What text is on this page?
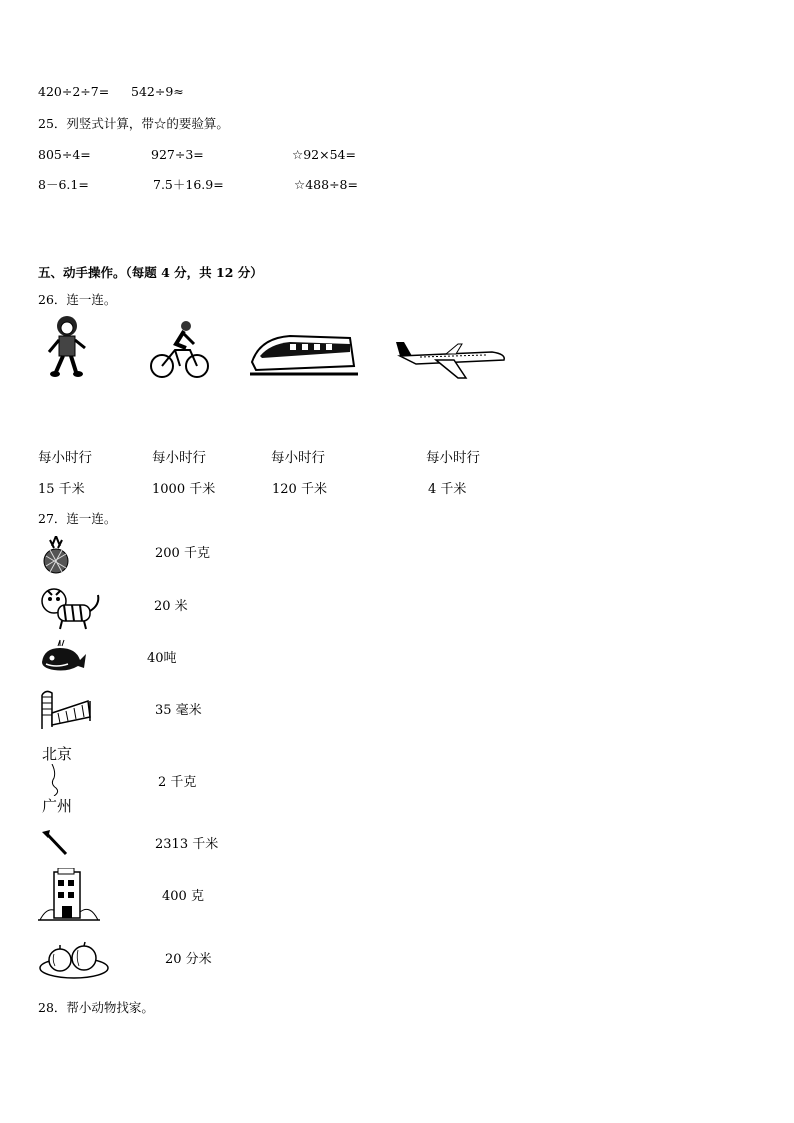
420÷2÷7= 542÷9≈
25．列竖式计算，带☆的要验算。
805÷4=	927÷3=	☆92×54=
8－6.1=	7.5＋16.9=	☆488÷8=
五、动手操作。（每题 4 分，共 12 分）
26．连一连。
每小时行	每小时行	每小时行	每小时行
15 千米	1000 千米	120 千米	4 千米
27．连一连。
200 千克
20 米
40吨
35 毫米
北京
广州
2 千克
2313 千米
400 克
20 分米
28．帮小动物找家。
